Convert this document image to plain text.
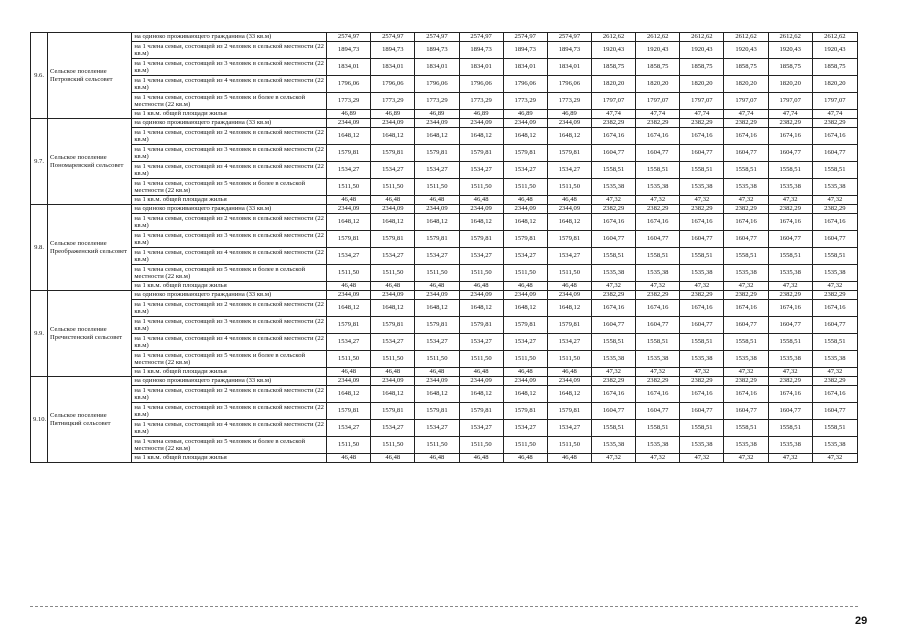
9.6.	Сельское поселение Петровский сельсовет	на одиноко проживающего гражданина (33 кв.м)	2574,97	2574,97	2574,97	2574,97	2574,97	2574,97	2612,62	2612,62	2612,62	2612,62	2612,62	2612,62
		на 1 члена семьи, состоящей из 2 человек в сельской местности (22 кв.м)	1894,73	1894,73	1894,73	1894,73	1894,73	1894,73	1920,43	1920,43	1920,43	1920,43	1920,43	1920,43
		на 1 члена семьи, состоящей из 3 человек в сельской местности (22 кв.м)	1834,01	1834,01	1834,01	1834,01	1834,01	1834,01	1858,75	1858,75	1858,75	1858,75	1858,75	1858,75
		на 1 члена семьи, состоящей из 4 человек в сельской местности (22 кв.м)	1796,06	1796,06	1796,06	1796,06	1796,06	1796,06	1820,20	1820,20	1820,20	1820,20	1820,20	1820,20
		на 1 члена семьи, состоящей из 5 человек и более в сельской местности (22 кв.м)	1773,29	1773,29	1773,29	1773,29	1773,29	1773,29	1797,07	1797,07	1797,07	1797,07	1797,07	1797,07
		на 1 кв.м. общей площади жилья	46,89	46,89	46,89	46,89	46,89	46,89	47,74	47,74	47,74	47,74	47,74	47,74
9.7.	Сельское поселение Пономаревский сельсовет	на одиноко проживающего гражданина (33 кв.м)	2344,09	2344,09	2344,09	2344,09	2344,09	2344,09	2382,29	2382,29	2382,29	2382,29	2382,29	2382,29
		на 1 члена семьи, состоящей из 2 человек в сельской местности (22 кв.м)	1648,12	1648,12	1648,12	1648,12	1648,12	1648,12	1674,16	1674,16	1674,16	1674,16	1674,16	1674,16
		на 1 члена семьи, состоящей из 3 человек в сельской местности (22 кв.м)	1579,81	1579,81	1579,81	1579,81	1579,81	1579,81	1604,77	1604,77	1604,77	1604,77	1604,77	1604,77
		на 1 члена семьи, состоящей из 4 человек в сельской местности (22 кв.м)	1534,27	1534,27	1534,27	1534,27	1534,27	1534,27	1558,51	1558,51	1558,51	1558,51	1558,51	1558,51
		на 1 члена семьи, состоящей из 5 человек и более в сельской местности (22 кв.м)	1511,50	1511,50	1511,50	1511,50	1511,50	1511,50	1535,38	1535,38	1535,38	1535,38	1535,38	1535,38
		на 1 кв.м. общей площади жилья	46,48	46,48	46,48	46,48	46,48	46,48	47,32	47,32	47,32	47,32	47,32	47,32
9.8.	Сельское поселение Преображенский сельсовет	на одиноко проживающего гражданина (33 кв.м)	2344,09	2344,09	2344,09	2344,09	2344,09	2344,09	2382,29	2382,29	2382,29	2382,29	2382,29	2382,29
		на 1 члена семьи, состоящей из 2 человек в сельской местности (22 кв.м)	1648,12	1648,12	1648,12	1648,12	1648,12	1648,12	1674,16	1674,16	1674,16	1674,16	1674,16	1674,16
		на 1 члена семьи, состоящей из 3 человек в сельской местности (22 кв.м)	1579,81	1579,81	1579,81	1579,81	1579,81	1579,81	1604,77	1604,77	1604,77	1604,77	1604,77	1604,77
		на 1 члена семьи, состоящей из 4 человек в сельской местности (22 кв.м)	1534,27	1534,27	1534,27	1534,27	1534,27	1534,27	1558,51	1558,51	1558,51	1558,51	1558,51	1558,51
		на 1 члена семьи, состоящей из 5 человек и более в сельской местности (22 кв.м)	1511,50	1511,50	1511,50	1511,50	1511,50	1511,50	1535,38	1535,38	1535,38	1535,38	1535,38	1535,38
		на 1 кв.м. общей площади жилья	46,48	46,48	46,48	46,48	46,48	46,48	47,32	47,32	47,32	47,32	47,32	47,32
9.9.	Сельское поселение Пречистенский сельсовет	на одиноко проживающего гражданина (33 кв.м)	2344,09	2344,09	2344,09	2344,09	2344,09	2344,09	2382,29	2382,29	2382,29	2382,29	2382,29	2382,29
		на 1 члена семьи, состоящей из 2 человек в сельской местности (22 кв.м)	1648,12	1648,12	1648,12	1648,12	1648,12	1648,12	1674,16	1674,16	1674,16	1674,16	1674,16	1674,16
		на 1 члена семьи, состоящей из 3 человек в сельской местности (22 кв.м)	1579,81	1579,81	1579,81	1579,81	1579,81	1579,81	1604,77	1604,77	1604,77	1604,77	1604,77	1604,77
		на 1 члена семьи, состоящей из 4 человек в сельской местности (22 кв.м)	1534,27	1534,27	1534,27	1534,27	1534,27	1534,27	1558,51	1558,51	1558,51	1558,51	1558,51	1558,51
		на 1 члена семьи, состоящей из 5 человек и более в сельской местности (22 кв.м)	1511,50	1511,50	1511,50	1511,50	1511,50	1511,50	1535,38	1535,38	1535,38	1535,38	1535,38	1535,38
		на 1 кв.м. общей площади жилья	46,48	46,48	46,48	46,48	46,48	46,48	47,32	47,32	47,32	47,32	47,32	47,32
9.10.	Сельское поселение Пятницкий сельсовет	на одиноко проживающего гражданина (33 кв.м)	2344,09	2344,09	2344,09	2344,09	2344,09	2344,09	2382,29	2382,29	2382,29	2382,29	2382,29	2382,29
		на 1 члена семьи, состоящей из 2 человек в сельской местности (22 кв.м)	1648,12	1648,12	1648,12	1648,12	1648,12	1648,12	1674,16	1674,16	1674,16	1674,16	1674,16	1674,16
		на 1 члена семьи, состоящей из 3 человек в сельской местности (22 кв.м)	1579,81	1579,81	1579,81	1579,81	1579,81	1579,81	1604,77	1604,77	1604,77	1604,77	1604,77	1604,77
		на 1 члена семьи, состоящей из 4 человек в сельской местности (22 кв.м)	1534,27	1534,27	1534,27	1534,27	1534,27	1534,27	1558,51	1558,51	1558,51	1558,51	1558,51	1558,51
		на 1 члена семьи, состоящей из 5 человек и более в сельской местности (22 кв.м)	1511,50	1511,50	1511,50	1511,50	1511,50	1511,50	1535,38	1535,38	1535,38	1535,38	1535,38	1535,38
		на 1 кв.м. общей площади жилья	46,48	46,48	46,48	46,48	46,48	46,48	47,32	47,32	47,32	47,32	47,32	47,32
29
